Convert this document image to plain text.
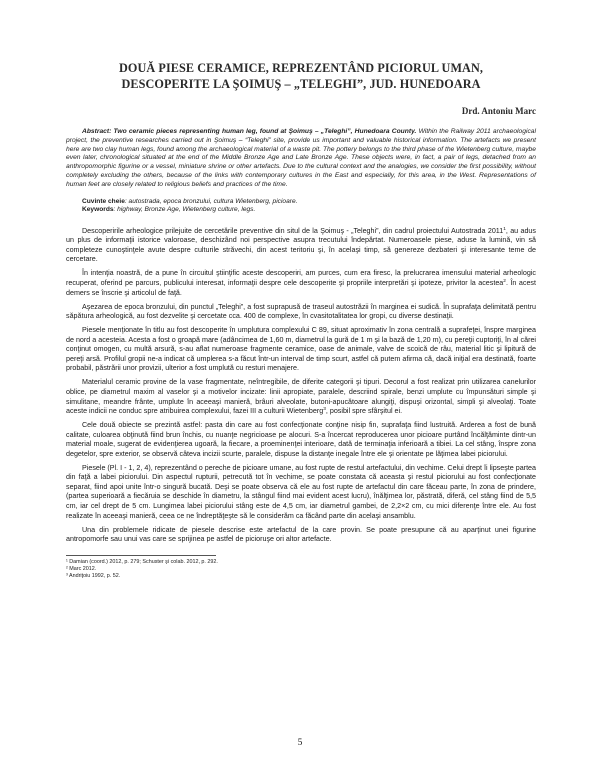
DOUĂ PIESE CERAMICE, REPREZENTÂND PICIORUL UMAN,
DESCOPERITE LA ŞOIMUŞ – „TELEGHI”, JUD. HUNEDOARA
Drd. Antoniu Marc
Abstract: Two ceramic pieces representing human leg, found at Şoimuş – „Teleghi”, Hunedoara County. Within the Railway 2011 archaeological project, the preventive researches carried out in Şoimuş – “Teleghi” site, provide us important and valuable historical information. The artefacts we present here are two clay human legs, found among the archaeological material of a waste pit. The pottery belongs to the third phase of the Wietenberg culture, maybe even later, chronological situated at the end of the Middle Bronze Age and Late Bronze Age. These objects were, in fact, a pair of legs, detached from an anthropomorphic figurine or a vessel, miniature shrine or other artefacts. Due to the cultural context and the analogies, we consider the first possibility, without completely excluding the others, because of the links with contemporary cultures in the East and especially, for this area, in the West. Representations of human feet are closely related to religious beliefs and practices of the time.
Cuvinte cheie: autostrada, epoca bronzului, cultura Wietenberg, picioare.
Keywords: highway, Bronze Age, Wietenberg culture, legs.

Descoperirile arheologice prilejuite de cercetările preventive din situl de la Şoimuş - „Teleghi”, din cadrul proiectului Autostrada 2011$^1$, au adus un plus de informaţii istorice valoroase, deschizând noi perspective asupra trecutului îndepărtat. Numeroasele piese, aduse la lumină, vin să completeze cunoştinţele avute despre culturile străvechi, din acest teritoriu şi, în acelaşi timp, să genereze dezbateri şi interesante teme de cercetare.

În intenţia noastră, de a pune în circuitul ştiinţific aceste descoperiri, am purces, cum era firesc, la prelucrarea imensului material arheologic recuperat, oferind pe parcurs, publicului interesat, informaţii despre cele descoperite şi propriile interpretări şi ipoteze, privitor la acestea$^2$. În acest demers se înscrie şi articolul de faţă.

Aşezarea de epoca bronzului, din punctul „Teleghi”, a fost suprapusă de traseul autostrăzii în marginea ei sudică. În suprafaţa delimitată pentru săpătura arheologică, au fost dezvelite şi cercetate cca. 400 de complexe, în cvasitotalitatea lor gropi, cu diverse destinaţii.

Piesele menţionate în titlu au fost descoperite în umplutura complexului C 89, situat aproximativ în zona centrală a suprafeţei, înspre marginea de nord a acesteia. Acesta a fost o groapă mare (adâncimea de 1,60 m, diametrul la gură de 1 m şi la bază de 1,20 m), cu pereţii cuptoriţi, în al cărei conţinut omogen, cu multă arsură, s-au aflat numeroase fragmente ceramice, oase de animale, valve de scoică de râu, material litic şi lipitură de pereţi arsă. Profilul gropii ne-a indicat că umplerea s-a făcut într-un interval de timp scurt, astfel că putem afirma că, dacă iniţial era destinată, foarte probabil, păstrării unor provizii, ulterior a fost umplută cu resturi menajere.

Materialul ceramic provine de la vase fragmentate, neîntregibile, de diferite categorii şi tipuri. Decorul a fost realizat prin utilizarea canelurilor oblice, pe diametrul maxim al vaselor şi a motivelor incizate: linii apropiate, paralele, descriind spirale, benzi umplute cu împunsături simple şi simulitane, meandre frânte, umplute în aceeaşi manieră, brâuri alveolate, butoni-apucătoare alungiţi, dispuşi orizontal, simpli şi alveolaţi. Toate aceste indicii ne conduc spre atribuirea complexului, fazei III a culturii Wietenberg$^3$, posibil spre sfârşitul ei.

Cele două obiecte se prezintă astfel: pasta din care au fost confecţionate conţine nisip fin, suprafaţa fiind lustruită. Arderea a fost de bună calitate, culoarea obţinută fiind brun închis, cu nuanţe negricioase pe alocuri. S-a încercat reproducerea unor picioare purtând încălţăminte dintr-un material moale, sugerat de evidenţierea ugoară, la fiecare, a proeminenţei interioare, dată de terminaţia inferioară a tibiei. La cel stâng, înspre zona degetelor, spre exterior, se observă câteva incizii scurte, paralele, dispuse la distanţe inegale între ele şi orientate pe lăţimea labei piciorului.

Piesele (Pl. I - 1, 2, 4), reprezentând o pereche de picioare umane, au fost rupte de restul artefactului, din vechime. Celui drept îi lipseşte partea din faţă a labei piciorului. Din aspectul rupturii, petrecută tot în vechime, se poate constata că aceasta şi restul piciorului au fost confecţionate separat, fiind apoi unite într-o singură bucată. Deşi se poate observa că ele au fost rupte de artefactul din care făceau parte, în zona de prindere, (partea superioară a fiecăruia se deschide în diametru, la stângul fiind mai evident acest lucru), înălţimea lor, păstrată, diferă, cel stâng fiind de 5,5 cm, iar cel drept de 5 cm. Lungimea labei piciorului stâng este de 4,5 cm, iar diametrul gambei, de 2,2×2 cm, cu mici diferenţe între ele. Au fost realizate în aceeaşi manieră, ceea ce ne îndreptăţeşte să le considerăm ca făcând parte din acelaşi ansamblu.

Una din problemele ridicate de piesele descrise este artefactul de la care provin. Se poate presupune că au aparţinut unei figurine antropomorfe sau unui vas care se sprijinea pe astfel de picioruşe ori altor artefacte.

¹ Damian (coord.) 2012, p. 279; Schuster şi colab. 2012, p. 292.
² Marc 2012.
³ Andriţoiu 1992, p. 52.
5
